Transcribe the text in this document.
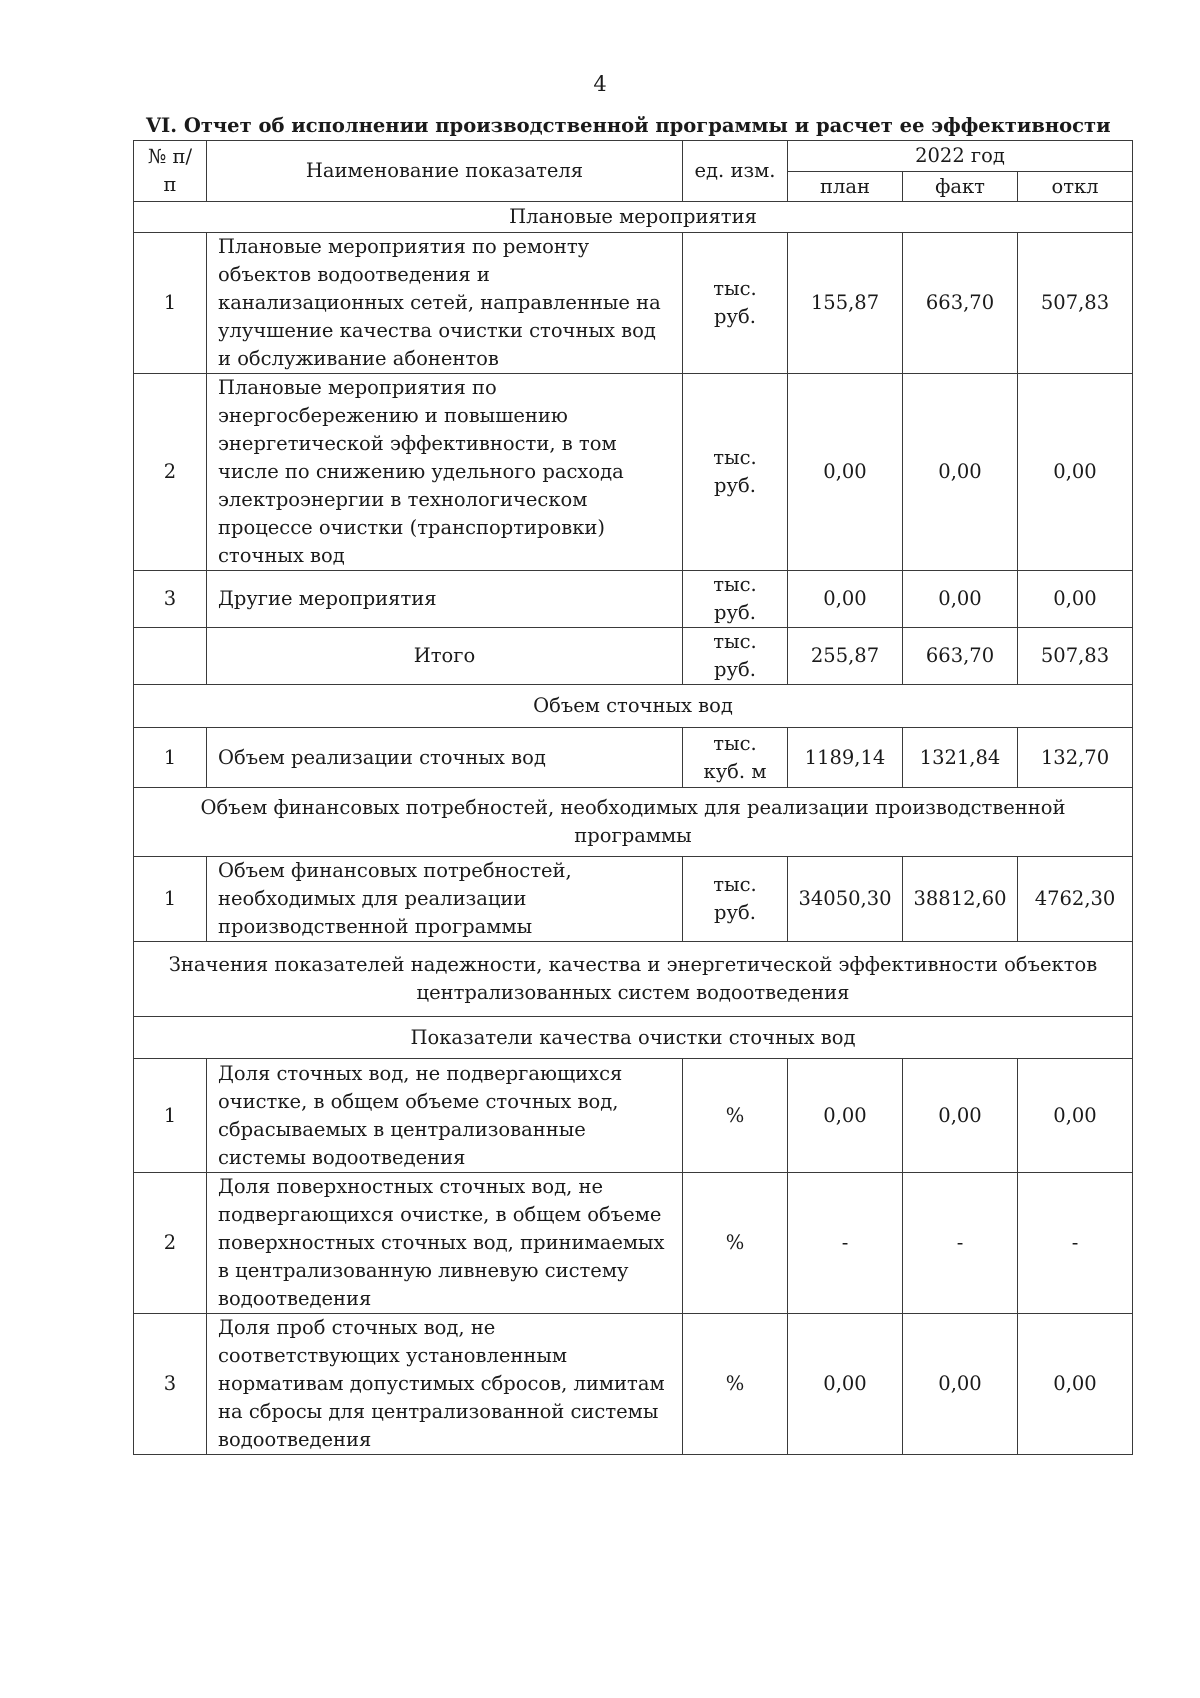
4
VI. Отчет об исполнении производственной программы и расчет ее эффективности
№ п/п	Наименование показателя	ед. изм.	2022 год		
			план	факт	откл
Плановые мероприятия					
1	Плановые мероприятия по ремонту объектов водоотведения и канализационных сетей, направленные на улучшение качества очистки сточных вод и обслуживание абонентов	тыс. руб.	155,87	663,70	507,83
2	Плановые мероприятия по энергосбережению и повышению энергетической эффективности, в том числе по снижению удельного расхода электроэнергии в технологическом процессе очистки (транспортировки) сточных вод	тыс. руб.	0,00	0,00	0,00
3	Другие мероприятия	тыс. руб.	0,00	0,00	0,00
	Итого	тыс. руб.	255,87	663,70	507,83
Объем сточных вод					
1	Объем реализации сточных вод	тыс. куб. м	1189,14	1321,84	132,70
Объем финансовых потребностей, необходимых для реализации производственной программы					
1	Объем финансовых потребностей, необходимых для реализации производственной программы	тыс. руб.	34050,30	38812,60	4762,30
Значения показателей надежности, качества и энергетической эффективности объектов централизованных систем водоотведения					
Показатели качества очистки сточных вод					
1	Доля сточных вод, не подвергающихся очистке, в общем объеме сточных вод, сбрасываемых в централизованные системы водоотведения	%	0,00	0,00	0,00
2	Доля поверхностных сточных вод, не подвергающихся очистке, в общем объеме поверхностных сточных вод, принимаемых в централизованную ливневую систему водоотведения	%	-	-	-
3	Доля проб сточных вод, не соответствующих установленным нормативам допустимых сбросов, лимитам на сбросы для централизованной системы водоотведения	%	0,00	0,00	0,00
